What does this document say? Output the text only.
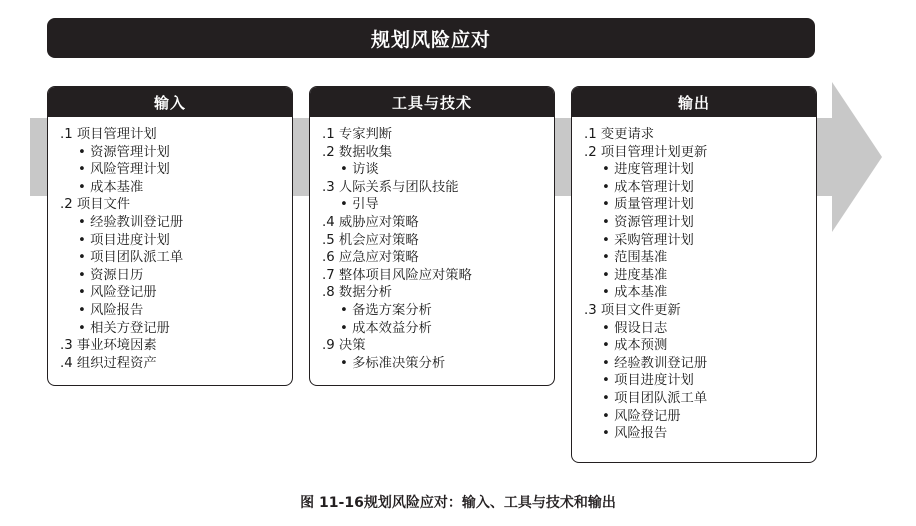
规划风险应对
输入
.1 项目管理计划
• 资源管理计划
• 风险管理计划
• 成本基准
.2 项目文件
• 经验教训登记册
• 项目进度计划
• 项目团队派工单
• 资源日历
• 风险登记册
• 风险报告
• 相关方登记册
.3 事业环境因素
.4 组织过程资产
工具与技术
.1 专家判断
.2 数据收集
• 访谈
.3 人际关系与团队技能
• 引导
.4 威胁应对策略
.5 机会应对策略
.6 应急应对策略
.7 整体项目风险应对策略
.8 数据分析
• 备选方案分析
• 成本效益分析
.9 决策
• 多标准决策分析
输出
.1 变更请求
.2 项目管理计划更新
• 进度管理计划
• 成本管理计划
• 质量管理计划
• 资源管理计划
• 采购管理计划
• 范围基准
• 进度基准
• 成本基准
.3 项目文件更新
• 假设日志
• 成本预测
• 经验教训登记册
• 项目进度计划
• 项目团队派工单
• 风险登记册
• 风险报告
图 11-16规划风险应对：输入、工具与技术和输出
